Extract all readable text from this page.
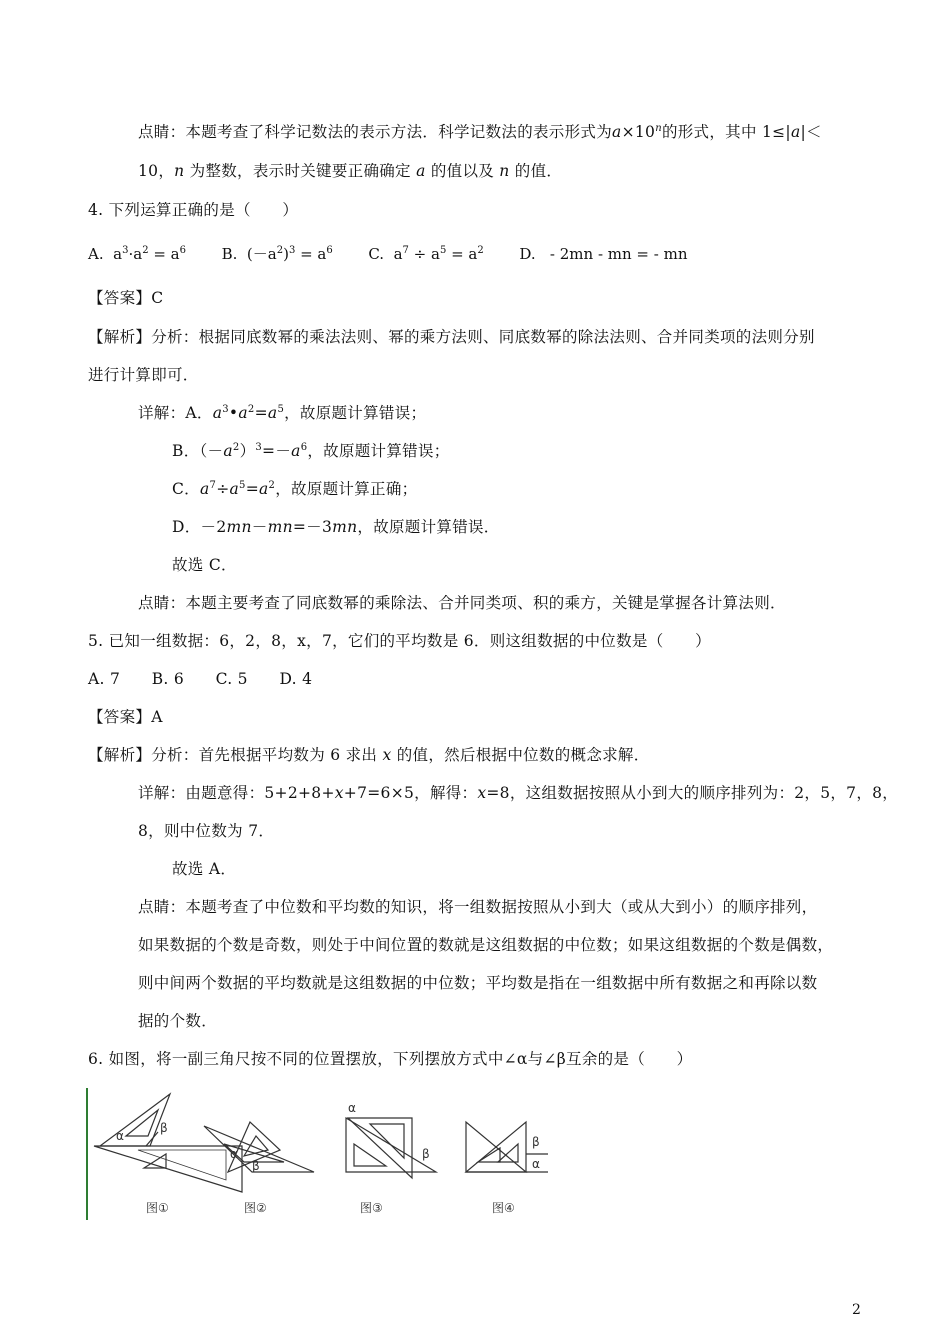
点睛：本题考查了科学记数法的表示方法．科学记数法的表示形式为$a\times 10^n$的形式，其中 1≤|a|＜
10，n 为整数，表示时关键要正确确定 a 的值以及 n 的值．
4. 下列运算正确的是（　　）
A.  $a^3\cdot a^2 = a^6$ B.  $(-a^2)^3 = a^6$ C.  $a^7 \div a^5 = a^2$ D. - 2mn - mn = - mn
【答案】C
【解析】分析：根据同底数幂的乘法法则、幂的乘方法则、同底数幂的除法法则、合并同类项的法则分别
进行计算即可．
详解：A．$a^3•a^2=a^5$，故原题计算错误；
B．$(-a^2)^3=-a^6$，故原题计算错误；
C．$a^7\div a^5=a^2$，故原题计算正确；
D．－2mn－mn=－3mn，故原题计算错误．
故选 C．
点睛：本题主要考查了同底数幂的乘除法、合并同类项、积的乘方，关键是掌握各计算法则．
5. 已知一组数据：6，2，8，x，7，它们的平均数是 6．则这组数据的中位数是（　　）
A. 7　　B. 6　　C. 5　　D. 4
【答案】A
【解析】分析：首先根据平均数为 6 求出 x 的值，然后根据中位数的概念求解．
详解：由题意得：5+2+8+x+7=6×5，解得：x=8，这组数据按照从小到大的顺序排列为：2，5，7，8，
8，则中位数为 7．
故选 A．
点睛：本题考查了中位数和平均数的知识，将一组数据按照从小到大（或从大到小）的顺序排列，
如果数据的个数是奇数，则处于中间位置的数就是这组数据的中位数；如果这组数据的个数是偶数，
则中间两个数据的平均数就是这组数据的中位数；平均数是指在一组数据中所有数据之和再除以数
据的个数．
6. 如图，将一副三角尺按不同的位置摆放，下列摆放方式中∠α与∠β互余的是（　　）
α
β
图①
α
β
图②
α
β
图③
β
α
图④
2
